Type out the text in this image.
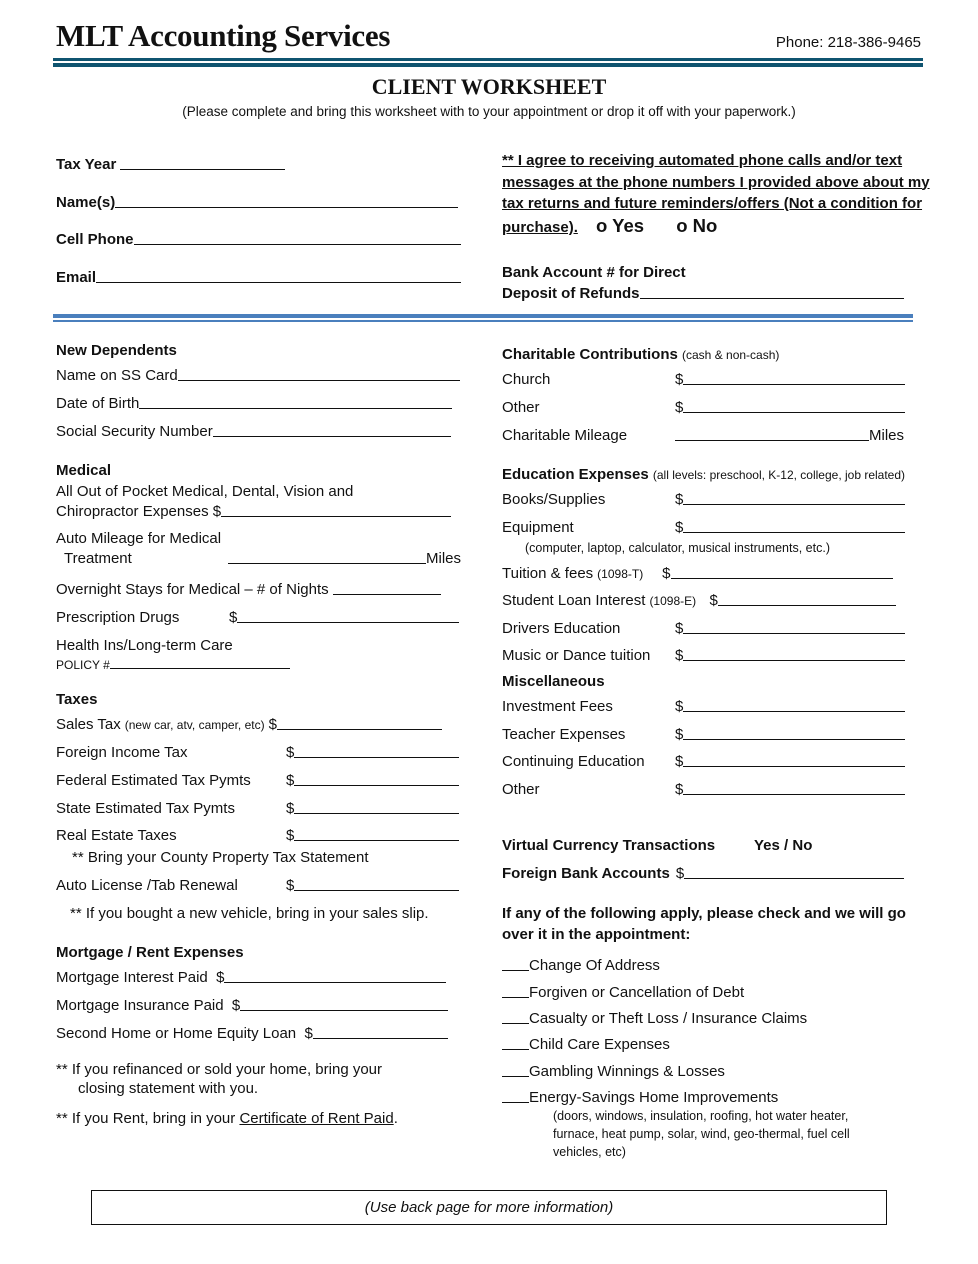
MLT Accounting Services	Phone: 218-386-9465
CLIENT WORKSHEET
(Please complete and bring this worksheet with to your appointment or drop it off with your paperwork.)
Tax Year
Name(s)
Cell Phone
Email
** I agree to receiving automated phone calls and/or text messages at the phone numbers I provided above about my tax returns and future reminders/offers (Not a condition for purchase). o Yes o No
Bank Account # for Direct
Deposit of Refunds
New Dependents
Name on SS Card
Date of Birth
Social Security Number
Medical
All Out of Pocket Medical, Dental, Vision and
Chiropractor Expenses $
Auto Mileage for Medical
Treatment	Miles
Overnight Stays for Medical – # of Nights
Prescription Drugs	$
Health Ins/Long-term Care
POLICY #
Taxes
Sales Tax (new car, atv, camper, etc) $
Foreign Income Tax	$
Federal Estimated Tax Pymts	$
State Estimated Tax Pymts	$
Real Estate Taxes	$
** Bring your County Property Tax Statement
Auto License /Tab Renewal	$
** If you bought a new vehicle, bring in your sales slip.
Mortgage / Rent Expenses
Mortgage Interest Paid  $
Mortgage Insurance Paid  $
Second Home or Home Equity Loan  $
** If you refinanced or sold your home, bring your
closing statement with you.
** If you Rent, bring in your Certificate of Rent Paid.
Charitable Contributions (cash & non-cash)
Church	$
Other	$
Charitable Mileage	Miles
Education Expenses (all levels: preschool, K-12, college, job related)
Books/Supplies	$
Equipment	$
(computer, laptop, calculator, musical instruments, etc.)
Tuition & fees (1098-T)	$
Student Loan Interest (1098-E) $
Drivers Education	$
Music or Dance tuition	$
Miscellaneous
Investment Fees	$
Teacher Expenses	$
Continuing Education	$
Other	$
Virtual Currency Transactions	Yes / No
Foreign Bank Accounts $
If any of the following apply, please check and we will go
over it in the appointment:
Change Of Address
Forgiven or Cancellation of Debt
Casualty or Theft Loss / Insurance Claims
Child Care Expenses
Gambling Winnings & Losses
Energy-Savings Home Improvements
(doors, windows, insulation, roofing, hot water heater,
furnace, heat pump, solar, wind, geo-thermal, fuel cell
vehicles, etc)
(Use back page for more information)
